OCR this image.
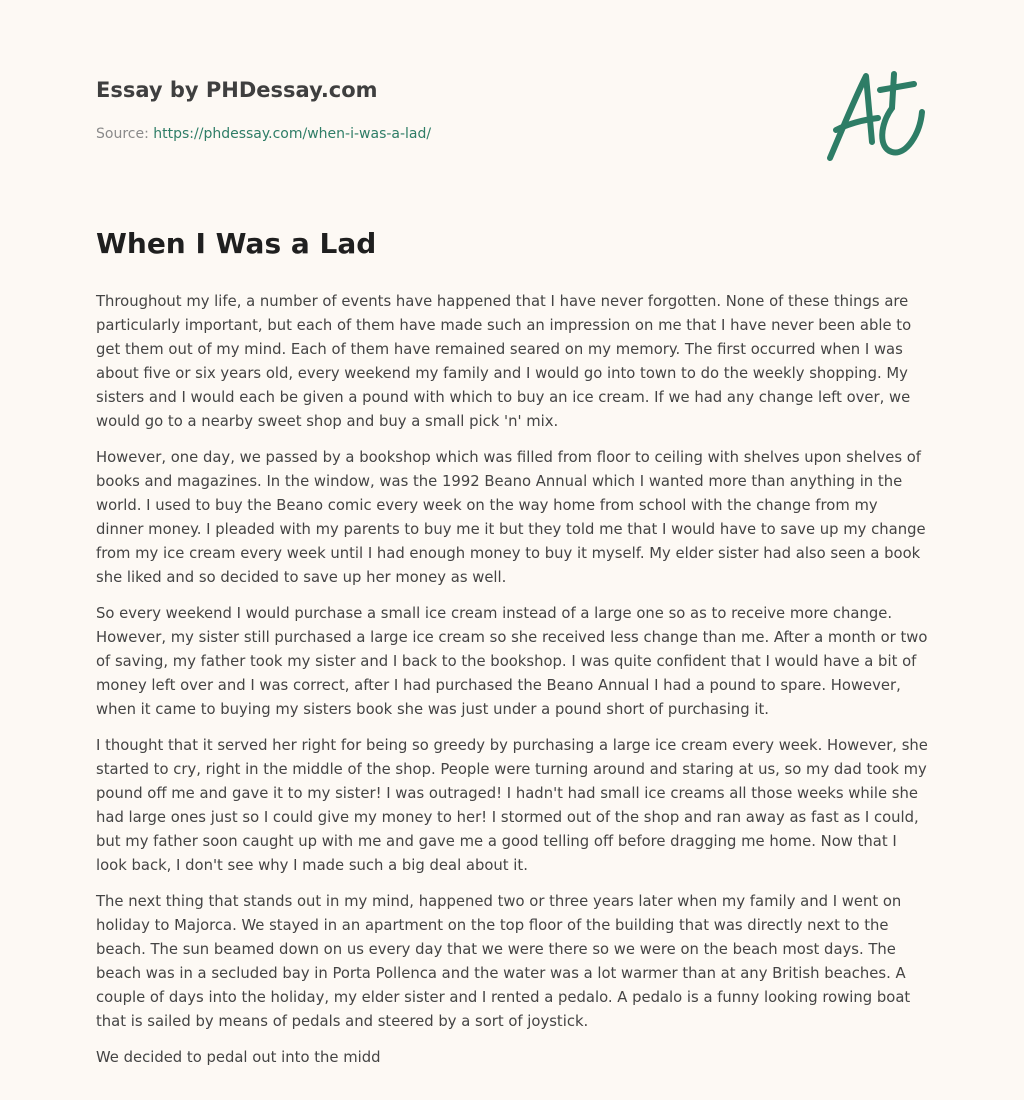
Essay by PHDessay.com

Source: https://phdessay.com/when-i-was-a-lad/
When I Was a Lad

Throughout my life, a number of events have happened that I have never forgotten. None of these things are particularly important, but each of them have made such an impression on me that I have never been able to get them out of my mind. Each of them have remained seared on my memory. The first occurred when I was about five or six years old, every weekend my family and I would go into town to do the weekly shopping. My sisters and I would each be given a pound with which to buy an ice cream. If we had any change left over, we would go to a nearby sweet shop and buy a small pick 'n' mix.

However, one day, we passed by a bookshop which was filled from floor to ceiling with shelves upon shelves of books and magazines. In the window, was the 1992 Beano Annual which I wanted more than anything in the world. I used to buy the Beano comic every week on the way home from school with the change from my dinner money. I pleaded with my parents to buy me it but they told me that I would have to save up my change from my ice cream every week until I had enough money to buy it myself. My elder sister had also seen a book she liked and so decided to save up her money as well.

So every weekend I would purchase a small ice cream instead of a large one so as to receive more change. However, my sister still purchased a large ice cream so she received less change than me. After a month or two of saving, my father took my sister and I back to the bookshop. I was quite confident that I would have a bit of money left over and I was correct, after I had purchased the Beano Annual I had a pound to spare. However, when it came to buying my sisters book she was just under a pound short of purchasing it.

I thought that it served her right for being so greedy by purchasing a large ice cream every week. However, she started to cry, right in the middle of the shop. People were turning around and staring at us, so my dad took my pound off me and gave it to my sister! I was outraged! I hadn't had small ice creams all those weeks while she had large ones just so I could give my money to her! I stormed out of the shop and ran away as fast as I could, but my father soon caught up with me and gave me a good telling off before dragging me home. Now that I look back, I don't see why I made such a big deal about it.

The next thing that stands out in my mind, happened two or three years later when my family and I went on holiday to Majorca. We stayed in an apartment on the top floor of the building that was directly next to the beach. The sun beamed down on us every day that we were there so we were on the beach most days. The beach was in a secluded bay in Porta Pollenca and the water was a lot warmer than at any British beaches. A couple of days into the holiday, my elder sister and I rented a pedalo. A pedalo is a funny looking rowing boat that is sailed by means of pedals and steered by a sort of joystick.

We decided to pedal out into the midd
